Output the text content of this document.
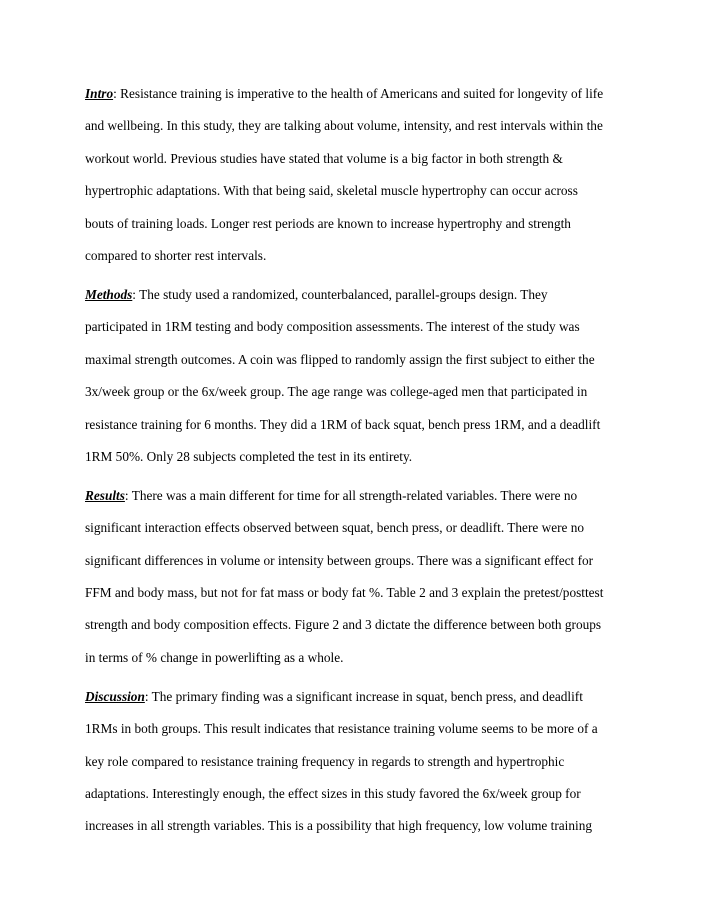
Intro: Resistance training is imperative to the health of Americans and suited for longevity of life
and wellbeing. In this study, they are talking about volume, intensity, and rest intervals within the
workout world. Previous studies have stated that volume is a big factor in both strength &
hypertrophic adaptations. With that being said, skeletal muscle hypertrophy can occur across
bouts of training loads. Longer rest periods are known to increase hypertrophy and strength
compared to shorter rest intervals.

Methods: The study used a randomized, counterbalanced, parallel-groups design. They
participated in 1RM testing and body composition assessments. The interest of the study was
maximal strength outcomes. A coin was flipped to randomly assign the first subject to either the
3x/week group or the 6x/week group. The age range was college-aged men that participated in
resistance training for 6 months. They did a 1RM of back squat, bench press 1RM, and a deadlift
1RM 50%. Only 28 subjects completed the test in its entirety.

Results: There was a main different for time for all strength-related variables. There were no
significant interaction effects observed between squat, bench press, or deadlift. There were no
significant differences in volume or intensity between groups. There was a significant effect for
FFM and body mass, but not for fat mass or body fat %. Table 2 and 3 explain the pretest/posttest
strength and body composition effects. Figure 2 and 3 dictate the difference between both groups
in terms of % change in powerlifting as a whole.

Discussion: The primary finding was a significant increase in squat, bench press, and deadlift
1RMs in both groups. This result indicates that resistance training volume seems to be more of a
key role compared to resistance training frequency in regards to strength and hypertrophic
adaptations. Interestingly enough, the effect sizes in this study favored the 6x/week group for
increases in all strength variables. This is a possibility that high frequency, low volume training
